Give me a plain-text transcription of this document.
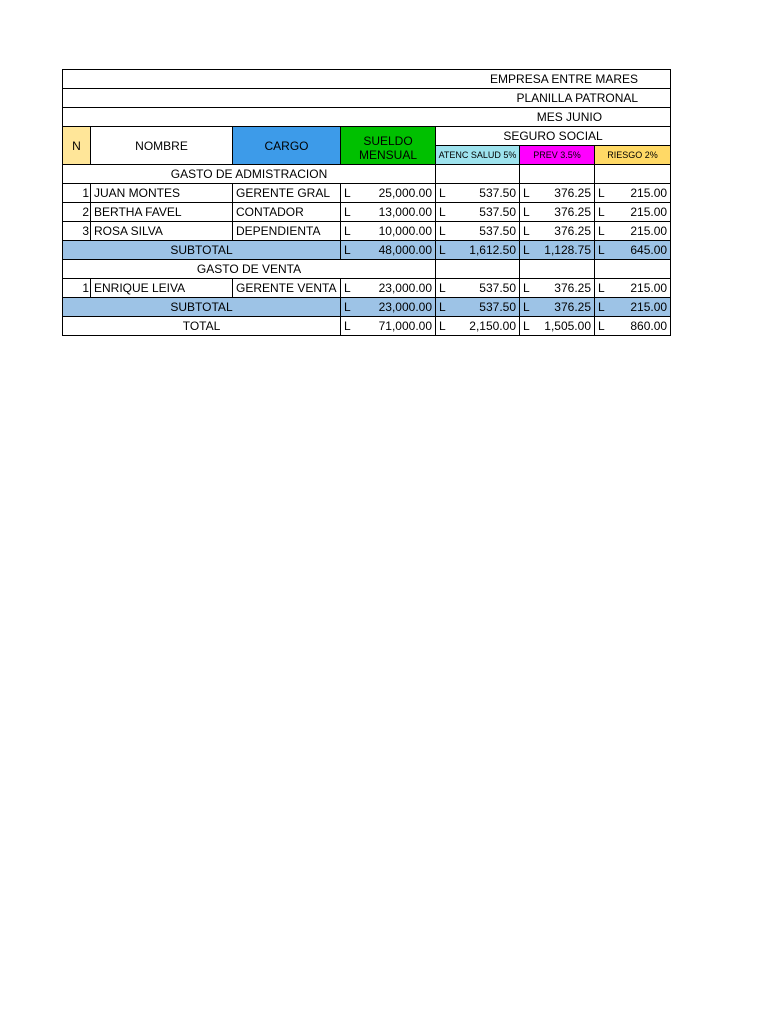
EMPRESA ENTRE MARES						
PLANILLA PATRONAL						
MES JUNIO						
N	NOMBRE	CARGO	SUELDO MENSUAL	SEGURO SOCIAL		
				ATENC SALUD 5%	PREV 3.5%	RIESGO 2%
GASTO DE ADMISTRACION						
1	JUAN MONTES	GERENTE GRAL	L 25,000.00	L 537.50	L 376.25	L 215.00

2	BERTHA FAVEL	CONTADOR	L 13,000.00	L 537.50	L 376.25	L 215.00

3	ROSA SILVA	DEPENDIENTA	L 10,000.00	L 537.50	L 376.25	L 215.00

SUBTOTAL			L 48,000.00	L 1,612.50	L 1,128.75	L 645.00

GASTO DE VENTA						
1	ENRIQUE LEIVA	GERENTE VENTA	L 23,000.00	L 537.50	L 376.25	L 215.00

SUBTOTAL			L 23,000.00	L 537.50	L 376.25	L 215.00

TOTAL			L 71,000.00	L 2,150.00	L 1,505.00	L 860.00
